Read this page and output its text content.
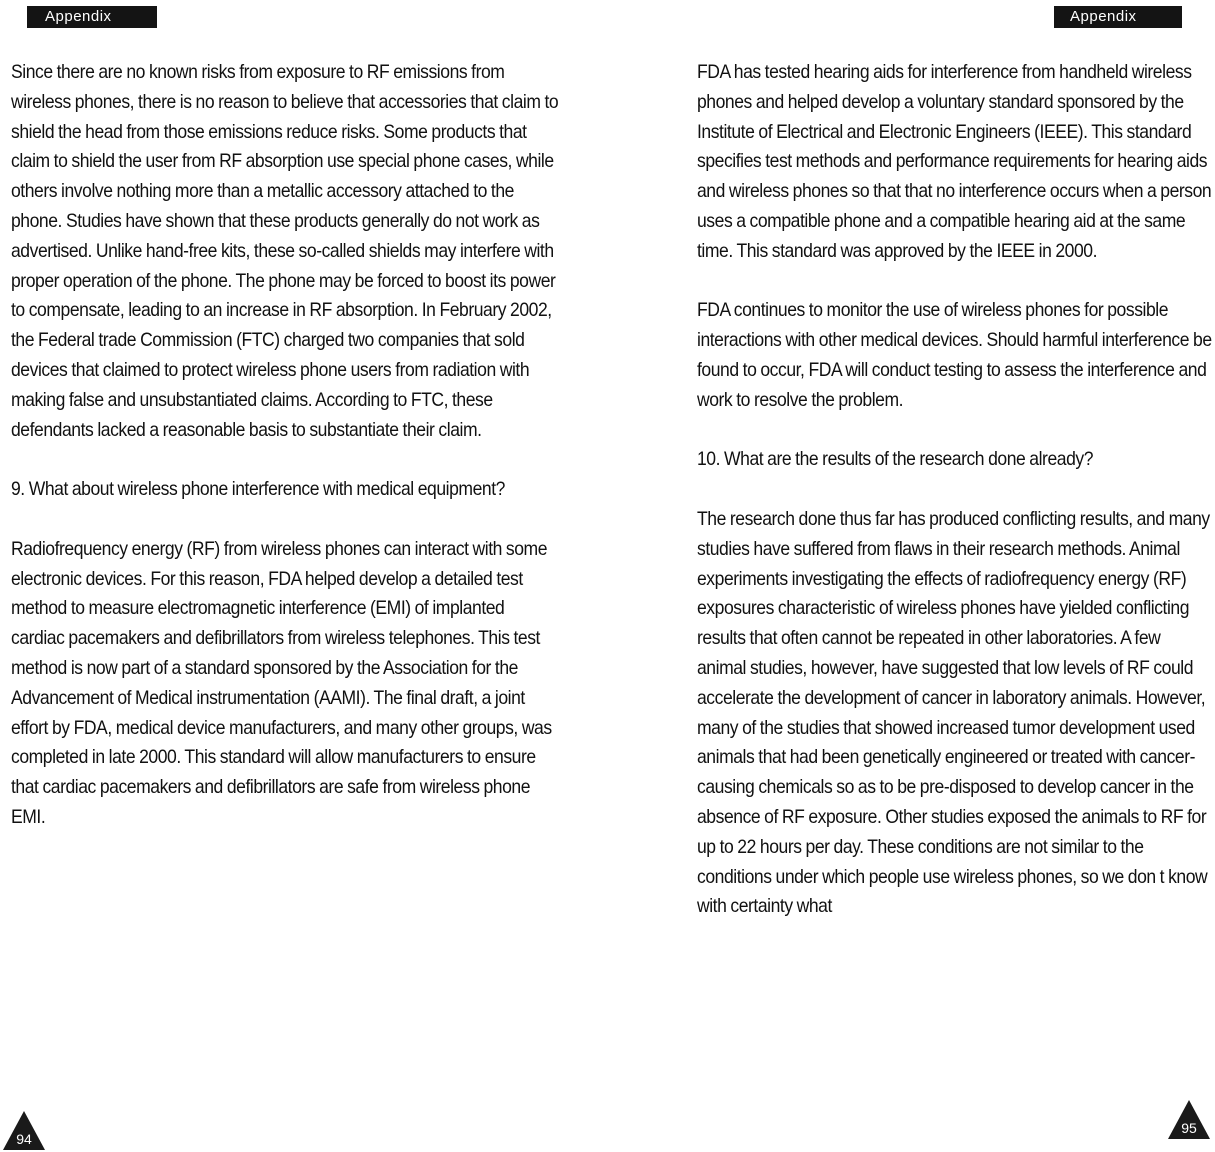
Appendix	Appendix

Since there are no known risks from exposure to RF emissions from wireless phones, there is no reason to believe that accessories that claim to shield the head from those emissions reduce risks. Some products that claim to shield the user from RF absorption use special phone cases, while others involve nothing more than a metallic accessory attached to the phone. Studies have shown that these products generally do not work as advertised. Unlike hand-free kits, these so-called shields may interfere with proper operation of the phone. The phone may be forced to boost its power to compensate, leading to an increase in RF absorption. In February 2002, the Federal trade Commission (FTC) charged two companies that sold devices that claimed to protect wireless phone users from radiation with making false and unsubstantiated claims. According to FTC, these defendants lacked a reasonable basis to substantiate their claim.

9. What about wireless phone interference with medical equipment?

Radiofrequency energy (RF) from wireless phones can interact with some electronic devices. For this reason, FDA helped develop a detailed test method to measure electromagnetic interference (EMI) of implanted cardiac pacemakers and defibrillators from wireless telephones. This test method is now part of a standard sponsored by the Association for the Advancement of Medical instrumentation (AAMI). The final draft, a joint effort by FDA, medical device manufacturers, and many other groups, was completed in late 2000. This standard will allow manufacturers to ensure that cardiac pacemakers and defibrillators are safe from wireless phone EMI.

FDA has tested hearing aids for interference from handheld wireless phones and helped develop a voluntary standard sponsored by the Institute of Electrical and Electronic Engineers (IEEE). This standard specifies test methods and performance requirements for hearing aids and wireless phones so that that no interference occurs when a person uses a compatible phone and a compatible hearing aid at the same time. This standard was approved by the IEEE in 2000.

FDA continues to monitor the use of wireless phones for possible interactions with other medical devices. Should harmful interference be found to occur, FDA will conduct testing to assess the interference and work to resolve the problem.

10. What are the results of the research done already?

The research done thus far has produced conflicting results, and many studies have suffered from flaws in their research methods. Animal experiments investigating the effects of radiofrequency energy (RF) exposures characteristic of wireless phones have yielded conflicting results that often cannot be repeated in other laboratories. A few animal studies, however, have suggested that low levels of RF could accelerate the development of cancer in laboratory animals. However, many of the studies that showed increased tumor development used animals that had been genetically engineered or treated with cancer-causing chemicals so as to be pre-disposed to develop cancer in the absence of RF exposure. Other studies exposed the animals to RF for up to 22 hours per day. These conditions are not similar to the conditions under which people use wireless phones, so we don t know with certainty what

94
95
